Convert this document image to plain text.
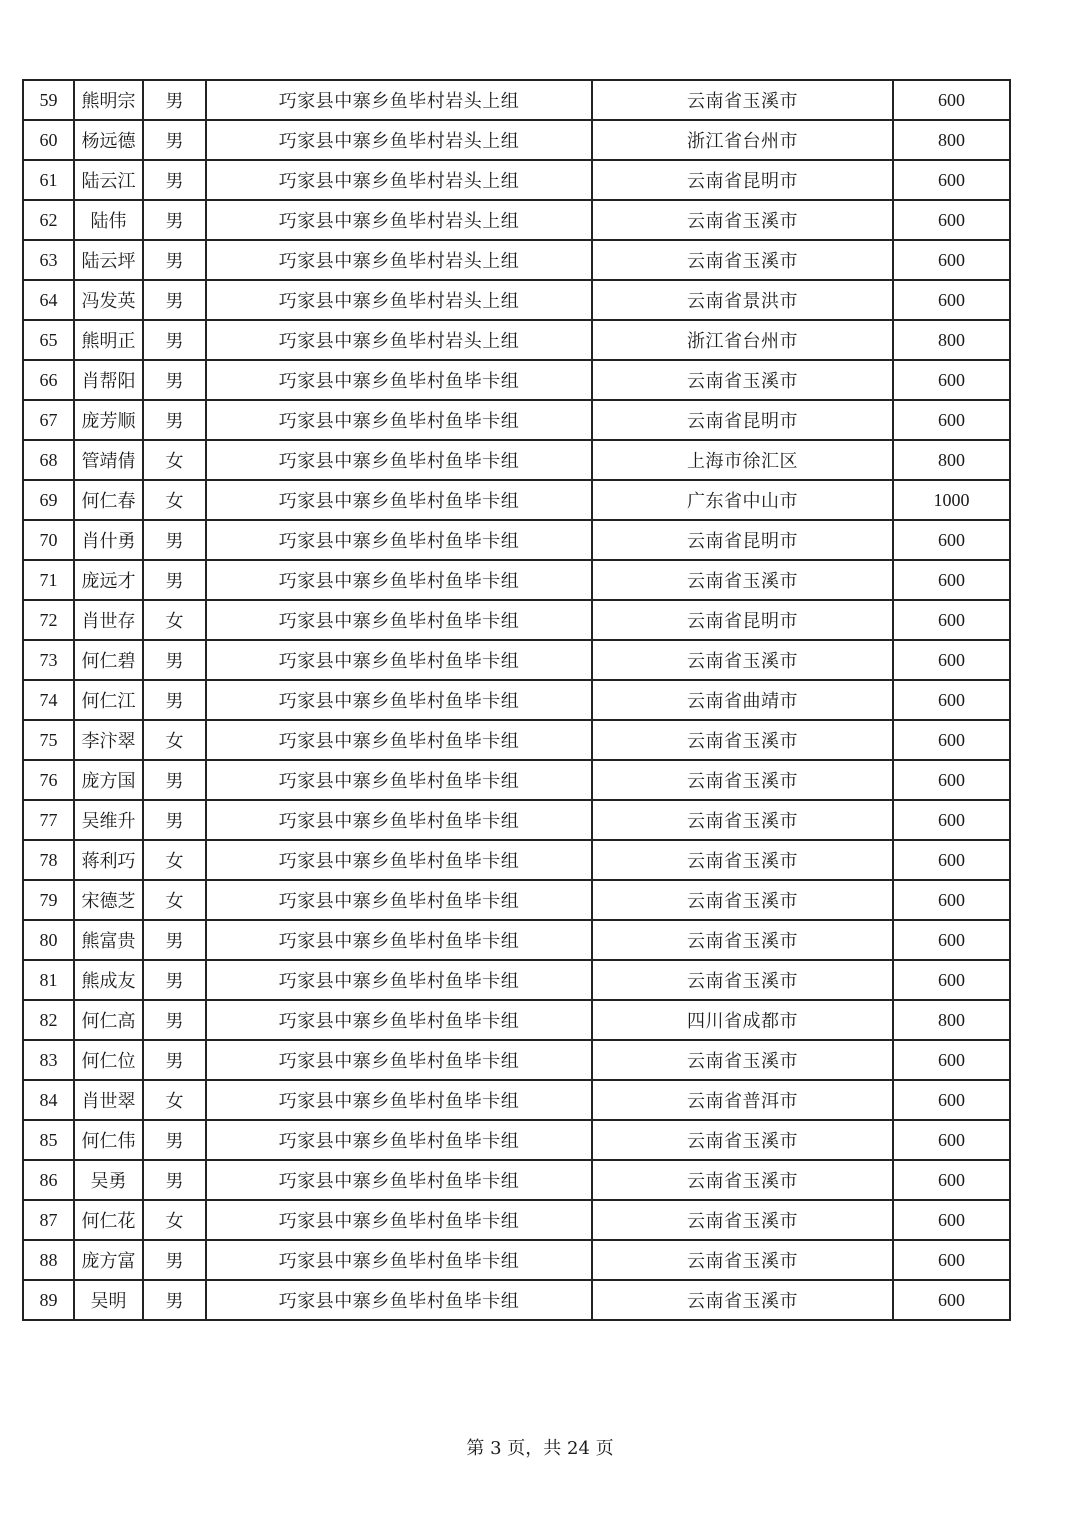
59	熊明宗	男	巧家县中寨乡鱼毕村岩头上组	云南省玉溪市	600
60	杨远德	男	巧家县中寨乡鱼毕村岩头上组	浙江省台州市	800
61	陆云江	男	巧家县中寨乡鱼毕村岩头上组	云南省昆明市	600
62	陆伟	男	巧家县中寨乡鱼毕村岩头上组	云南省玉溪市	600
63	陆云坪	男	巧家县中寨乡鱼毕村岩头上组	云南省玉溪市	600
64	冯发英	男	巧家县中寨乡鱼毕村岩头上组	云南省景洪市	600
65	熊明正	男	巧家县中寨乡鱼毕村岩头上组	浙江省台州市	800
66	肖帮阳	男	巧家县中寨乡鱼毕村鱼毕卡组	云南省玉溪市	600
67	庞芳顺	男	巧家县中寨乡鱼毕村鱼毕卡组	云南省昆明市	600
68	管靖倩	女	巧家县中寨乡鱼毕村鱼毕卡组	上海市徐汇区	800
69	何仁春	女	巧家县中寨乡鱼毕村鱼毕卡组	广东省中山市	1000
70	肖什勇	男	巧家县中寨乡鱼毕村鱼毕卡组	云南省昆明市	600
71	庞远才	男	巧家县中寨乡鱼毕村鱼毕卡组	云南省玉溪市	600
72	肖世存	女	巧家县中寨乡鱼毕村鱼毕卡组	云南省昆明市	600
73	何仁碧	男	巧家县中寨乡鱼毕村鱼毕卡组	云南省玉溪市	600
74	何仁江	男	巧家县中寨乡鱼毕村鱼毕卡组	云南省曲靖市	600
75	李汴翠	女	巧家县中寨乡鱼毕村鱼毕卡组	云南省玉溪市	600
76	庞方国	男	巧家县中寨乡鱼毕村鱼毕卡组	云南省玉溪市	600
77	吴维升	男	巧家县中寨乡鱼毕村鱼毕卡组	云南省玉溪市	600
78	蒋利巧	女	巧家县中寨乡鱼毕村鱼毕卡组	云南省玉溪市	600
79	宋德芝	女	巧家县中寨乡鱼毕村鱼毕卡组	云南省玉溪市	600
80	熊富贵	男	巧家县中寨乡鱼毕村鱼毕卡组	云南省玉溪市	600
81	熊成友	男	巧家县中寨乡鱼毕村鱼毕卡组	云南省玉溪市	600
82	何仁高	男	巧家县中寨乡鱼毕村鱼毕卡组	四川省成都市	800
83	何仁位	男	巧家县中寨乡鱼毕村鱼毕卡组	云南省玉溪市	600
84	肖世翠	女	巧家县中寨乡鱼毕村鱼毕卡组	云南省普洱市	600
85	何仁伟	男	巧家县中寨乡鱼毕村鱼毕卡组	云南省玉溪市	600
86	吴勇	男	巧家县中寨乡鱼毕村鱼毕卡组	云南省玉溪市	600
87	何仁花	女	巧家县中寨乡鱼毕村鱼毕卡组	云南省玉溪市	600
88	庞方富	男	巧家县中寨乡鱼毕村鱼毕卡组	云南省玉溪市	600
89	吴明	男	巧家县中寨乡鱼毕村鱼毕卡组	云南省玉溪市	600
第 3 页，共 24 页
